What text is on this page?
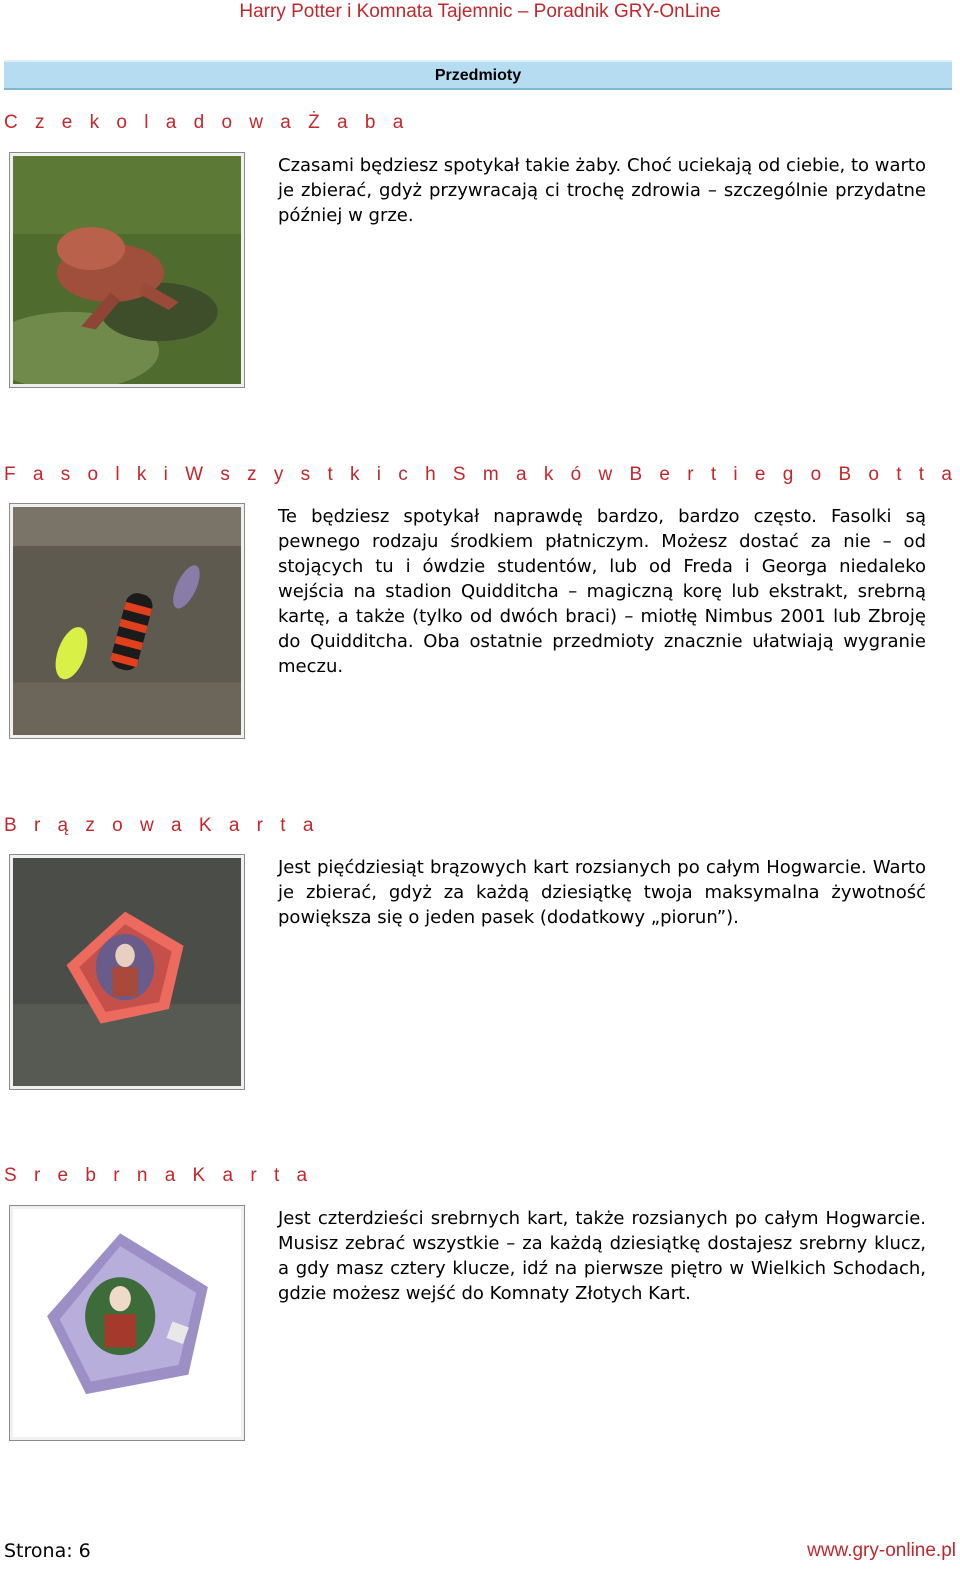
Harry Potter i Komnata Tajemnic – Poradnik GRY-OnLine
Przedmioty
C z e k o l a d o w a Ż a b a

Czasami będziesz spotykał takie żaby. Choć uciekają od ciebie, to warto je zbierać, gdyż przywracają ci trochę zdrowia – szczególnie przydatne później w grze.

F a s o l k i W s z y s t k i c h S m a k ó w B e r t i e g o B o t t a

Te będziesz spotykał naprawdę bardzo, bardzo często. Fasolki są pewnego rodzaju środkiem płatniczym. Możesz dostać za nie – od stojących tu i ówdzie studentów, lub od Freda i Georga niedaleko wejścia na stadion Quidditcha – magiczną korę lub ekstrakt, srebrną kartę, a także (tylko od dwóch braci) – miotłę Nimbus 2001 lub Zbroję do Quidditcha. Oba ostatnie przedmioty znacznie ułatwiają wygranie meczu.

B r ą z o w a K a r t a

Jest pięćdziesiąt brązowych kart rozsianych po całym Hogwarcie. Warto je zbierać, gdyż za każdą dziesiątkę twoja maksymalna żywotność powiększa się o jeden pasek (dodatkowy „piorun”).

S r e b r n a K a r t a

Jest czterdzieści srebrnych kart, także rozsianych po całym Hogwarcie. Musisz zebrać wszystkie – za każdą dziesiątkę dostajesz srebrny klucz, a gdy masz cztery klucze, idź na pierwsze piętro w Wielkich Schodach, gdzie możesz wejść do Komnaty Złotych Kart.

Strona: 6	www.gry-online.pl
